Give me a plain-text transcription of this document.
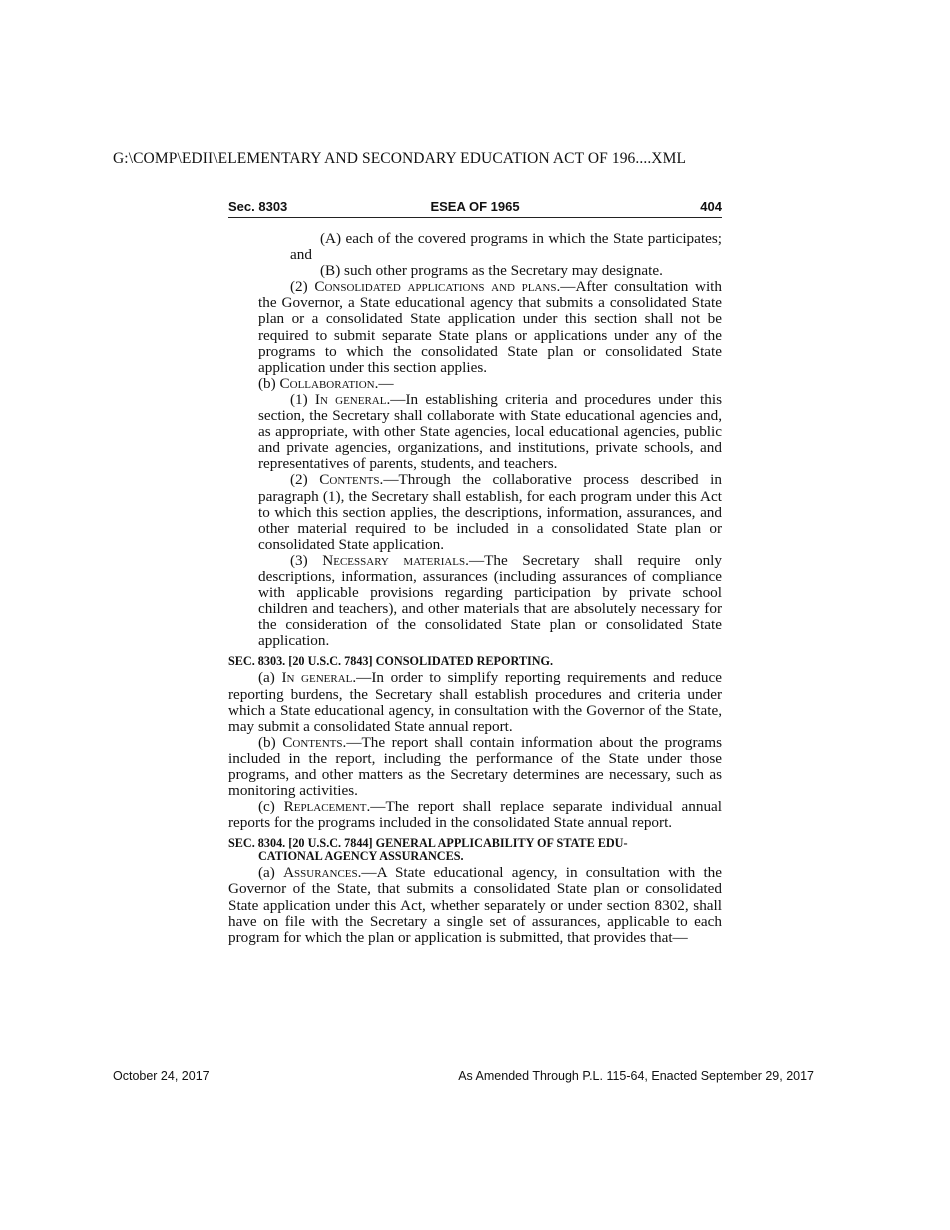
G:\COMP\EDII\ELEMENTARY AND SECONDARY EDUCATION ACT OF 196....XML
ESEA OF 1965
Sec. 8303	404

(A) each of the covered programs in which the State participates; and

(B) such other programs as the Secretary may designate.

(2) Consolidated applications and plans.—After consultation with the Governor, a State educational agency that submits a consolidated State plan or a consolidated State application under this section shall not be required to submit separate State plans or applications under any of the programs to which the consolidated State plan or consolidated State application under this section applies.

(b) Collaboration.—

(1) In general.—In establishing criteria and procedures under this section, the Secretary shall collaborate with State educational agencies and, as appropriate, with other State agencies, local educational agencies, public and private agencies, organizations, and institutions, private schools, and representatives of parents, students, and teachers.

(2) Contents.—Through the collaborative process described in paragraph (1), the Secretary shall establish, for each program under this Act to which this section applies, the descriptions, information, assurances, and other material required to be included in a consolidated State plan or consolidated State application.

(3) Necessary materials.—The Secretary shall require only descriptions, information, assurances (including assurances of compliance with applicable provisions regarding participation by private school children and teachers), and other materials that are absolutely necessary for the consideration of the consolidated State plan or consolidated State application.

SEC. 8303. [20 U.S.C. 7843] CONSOLIDATED REPORTING.

(a) In general.—In order to simplify reporting requirements and reduce reporting burdens, the Secretary shall establish procedures and criteria under which a State educational agency, in consultation with the Governor of the State, may submit a consolidated State annual report.

(b) Contents.—The report shall contain information about the programs included in the report, including the performance of the State under those programs, and other matters as the Secretary determines are necessary, such as monitoring activities.

(c) Replacement.—The report shall replace separate individual annual reports for the programs included in the consolidated State annual report.

SEC. 8304. [20 U.S.C. 7844] GENERAL APPLICABILITY OF STATE EDU-
CATIONAL AGENCY ASSURANCES.

(a) Assurances.—A State educational agency, in consultation with the Governor of the State, that submits a consolidated State plan or consolidated State application under this Act, whether separately or under section 8302, shall have on file with the Secretary a single set of assurances, applicable to each program for which the plan or application is submitted, that provides that—

October 24, 2017	As Amended Through P.L. 115-64, Enacted September 29, 2017
